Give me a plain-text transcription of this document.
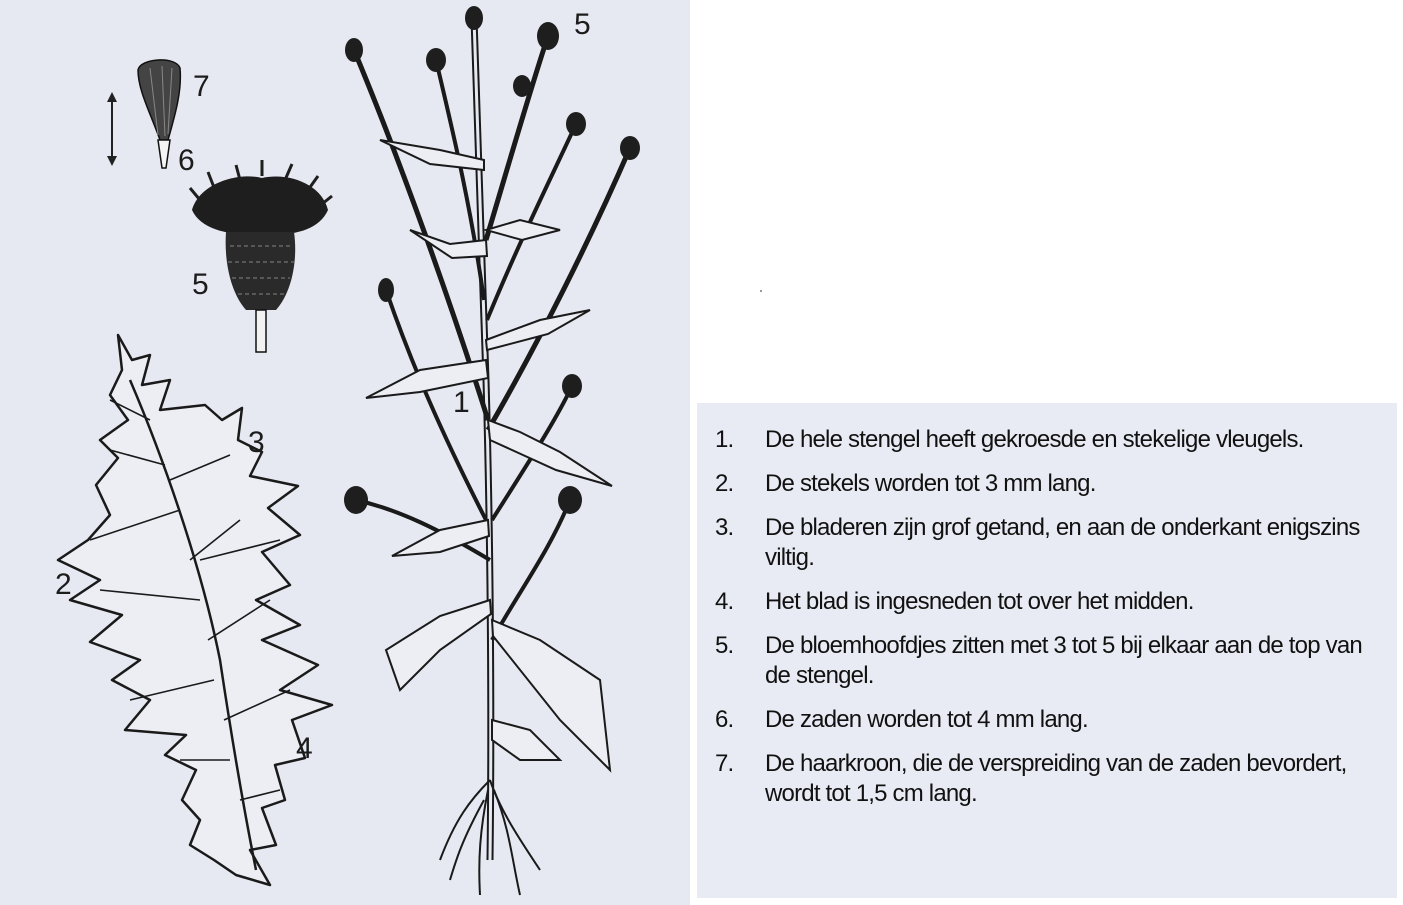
1
2
3
4
5
5
6
7
1. De hele stengel heeft gekroesde en stekelige vleugels.
2. De stekels worden tot 3 mm lang.
3. De bladeren zijn grof getand, en aan de onderkant enigszins viltig.
4. Het blad is ingesneden tot over het midden.
5. De bloemhoofdjes zitten met 3 tot 5 bij elkaar aan de top van de stengel.
6. De zaden worden tot 4 mm lang.
7. De haarkroon, die de verspreiding van de zaden bevordert, wordt tot 1,5 cm lang.
